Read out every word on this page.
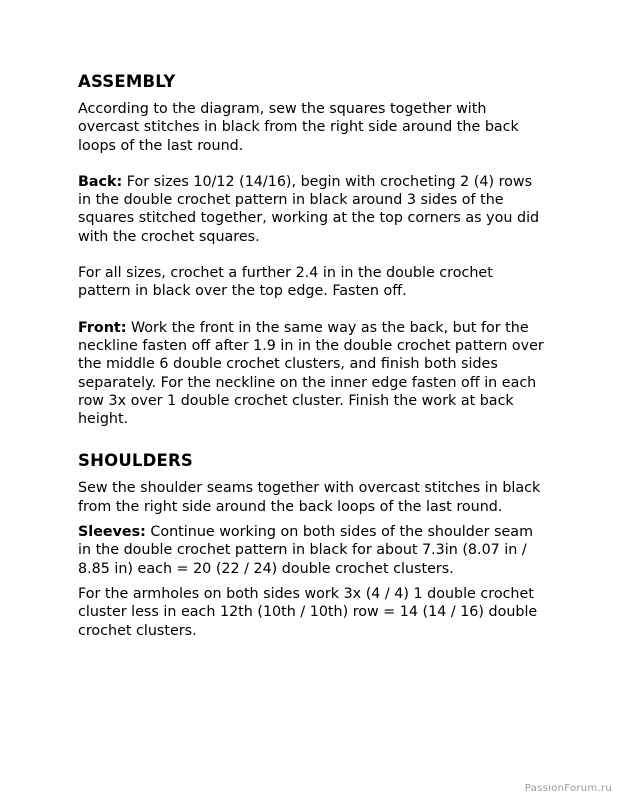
ASSEMBLY

According to the diagram, sew the squares together with overcast stitches in black from the right side around the back loops of the last round.

Back: For sizes 10/12 (14/16), begin with crocheting 2 (4) rows in the double crochet pattern in black around 3 sides of the squares stitched together, working at the top corners as you did with the crochet squares.

For all sizes, crochet a further 2.4 in in the double crochet pattern in black over the top edge. Fasten off.

Front: Work the front in the same way as the back, but for the neckline fasten off after 1.9 in in the double crochet pattern over the middle 6 double crochet clusters, and finish both sides separately. For the neckline on the inner edge fasten off in each row 3x over 1 double crochet cluster. Finish the work at back height.

SHOULDERS

Sew the shoulder seams together with overcast stitches in black from the right side around the back loops of the last round.

Sleeves: Continue working on both sides of the shoulder seam in the double crochet pattern in black for about 7.3in (8.07 in / 8.85 in) each = 20 (22 / 24) double crochet clusters.

For the armholes on both sides work 3x (4 / 4) 1 double crochet cluster less in each 12th (10th / 10th) row = 14 (14 / 16) double crochet clusters.

PassionForum.ru
